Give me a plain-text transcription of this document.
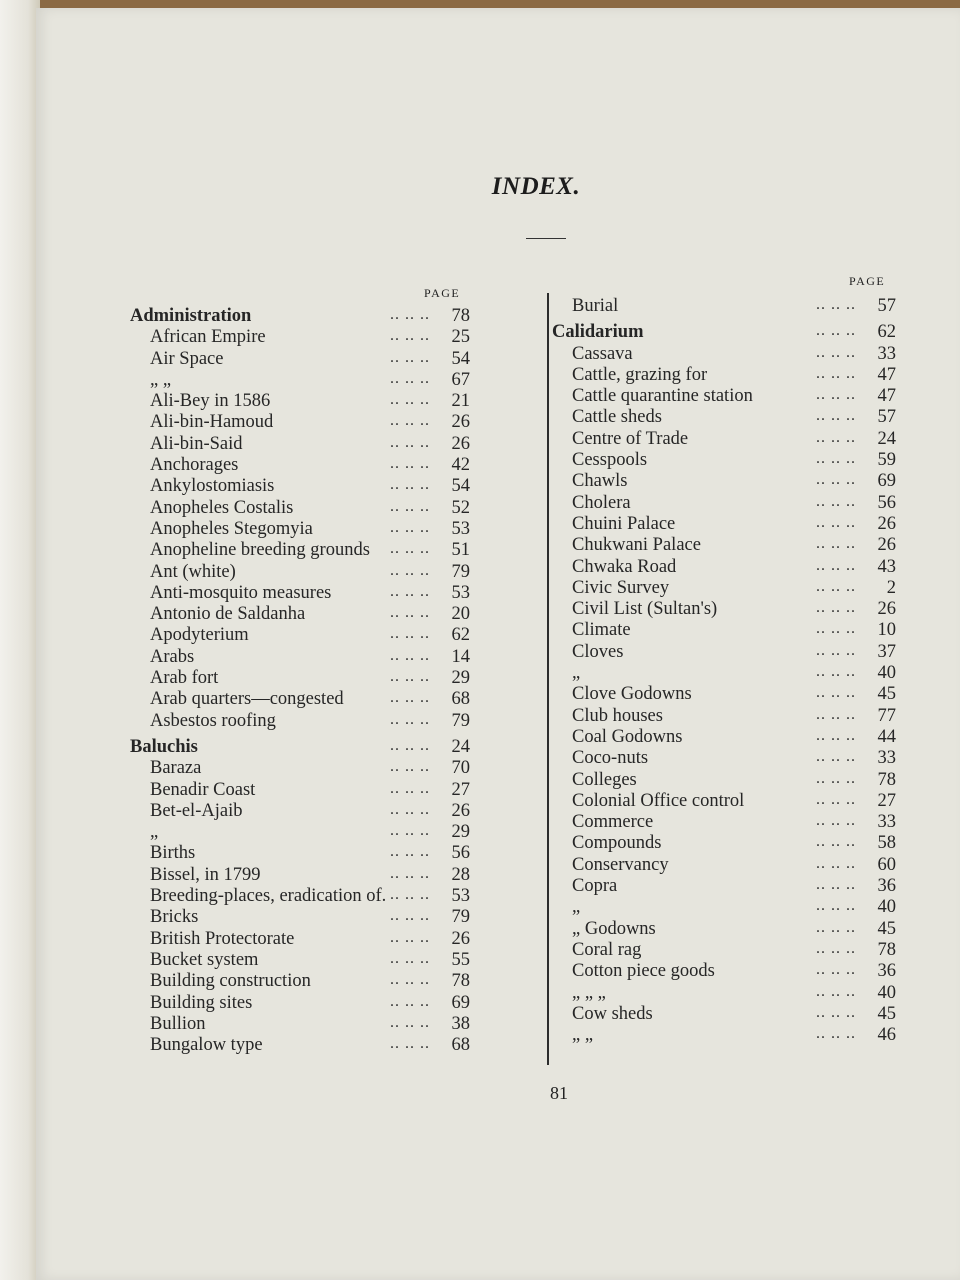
INDEX.
PAGE
PAGE
Administration	.. .. ..	78
African Empire	.. .. ..	25
Air Space	.. .. ..	54
„ „	.. .. ..	67
Ali-Bey in 1586	.. .. ..	21
Ali-bin-Hamoud	.. .. ..	26
Ali-bin-Said	.. .. ..	26
Anchorages	.. .. ..	42
Ankylostomiasis	.. .. ..	54
Anopheles Costalis	.. .. ..	52
Anopheles Stegomyia	.. .. ..	53
Anopheline breeding grounds .. .. ..	51
Ant (white)	.. .. ..	79
Anti-mosquito measures	.. .. ..	53
Antonio de Saldanha	.. .. ..	20
Apodyterium	.. .. ..	62
Arabs	.. .. ..	14
Arab fort	.. .. ..	29
Arab quarters—congested	.. .. ..	68
Asbestos roofing	.. .. ..	79
Baluchis	.. .. ..	24
Baraza	.. .. ..	70
Benadir Coast	.. .. ..	27
Bet-el-Ajaib	.. .. ..	26
„	.. .. ..	29
Births	.. .. ..	56
Bissel, in 1799	.. .. ..	28
Breeding-places, eradication of. .. .. ..	53
Bricks	.. .. ..	79
British Protectorate	.. .. ..	26
Bucket system	.. .. ..	55
Building construction	.. .. ..	78
Building sites	.. .. ..	69
Bullion	.. .. ..	38
Bungalow type	.. .. ..	68
Burial	.. .. ..	57
Calidarium	.. .. ..	62
Cassava	.. .. ..	33
Cattle, grazing for	.. .. ..	47
Cattle quarantine station	.. .. ..	47
Cattle sheds	.. .. ..	57
Centre of Trade	.. .. ..	24
Cesspools	.. .. ..	59
Chawls	.. .. ..	69
Cholera	.. .. ..	56
Chuini Palace	.. .. ..	26
Chukwani Palace	.. .. ..	26
Chwaka Road	.. .. ..	43
Civic Survey	.. .. ..	2
Civil List (Sultan's)	.. .. ..	26
Climate	.. .. ..	10
Cloves	.. .. ..	37
„	.. .. ..	40
Clove Godowns	.. .. ..	45
Club houses	.. .. ..	77
Coal Godowns	.. .. ..	44
Coco-nuts	.. .. ..	33
Colleges	.. .. ..	78
Colonial Office control	.. .. ..	27
Commerce	.. .. ..	33
Compounds	.. .. ..	58
Conservancy	.. .. ..	60
Copra	.. .. ..	36
„	.. .. ..	40
„ Godowns	.. .. ..	45
Coral rag	.. .. ..	78
Cotton piece goods	.. .. ..	36
„ „ „	.. .. ..	40
Cow sheds	.. .. ..	45
„ „	.. .. ..	46
81
